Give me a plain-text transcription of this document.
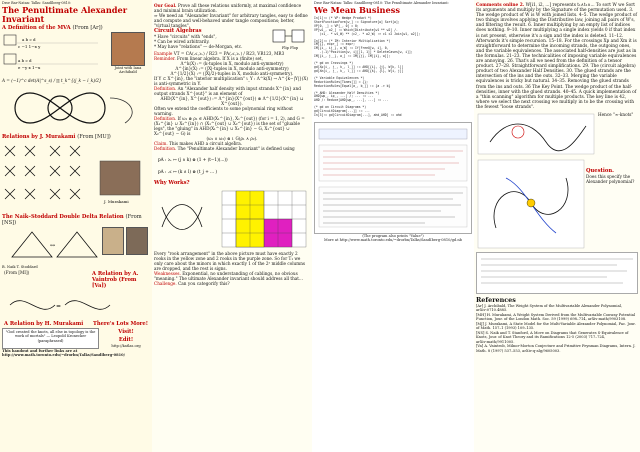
Dror Bar-Natan: Talks: SandIberg-0810:
The Penultimate Alexander Invariant
A Definition of the MVA (From [Ar])
a b c d
c −1 1−x y
a b c d
e −y x 1−x	Joint with Iana Archibald
A = (−1)^c det(A|^s_s) / ∏ t_k^{(j_k − i_k)/2}
Relations by J. Murakami (From [MU])
J. Murakami
The Naik–Stoddard Double Delta Relation (From [NS])
↔
B. Naik T. Stoddard
(From [MI])	A Relation by A. Vaintrob (From [Va])
=
A Relation by H. Murakami	There's Lots More!
"God created the knots, all else in topology is the work of mortals" — Leopold Kronecker (paraphrased)
Visit!
Edit!
http://katlas.org
This handout and further links are at http://www.math.toronto.edu/~drorbn/Talks/SandIberg-0810/
Our Goal. Prove all these relations uniformly, at maximal confidence and minimal brain utilization.
⇒ We need an "Alexander Invariant" for arbitrary tangles, easy to define and compute and well-behaved under tangle compositions; better, "virtual tangles".
Circuit Algebras
* Have "circuits" with "ends",
* Can be wired arbitrarily.
* May have "relations" — de-Morgan, etc.	Flip Flop
Example VT = CA⟨⋌,⋋⟩ / R23 = PA⟨⋌,⋋⟩ / R23, VR123, MR3
Reminder. From linear algebra. If X is a (finite) set,
Λ^k(X) := (k-tuples in X, modulo anti-symmetry)
Λ^{in}(X) := (|X|-tuples in X, modulo anti-symmetry)
Λ^{1/2}(X) := (|X|/2)-tuples in X, modulo anti-symmetry).
If Y ⊂ X^{in}, the "interior multiplication" ι_Y : Λ^k(X) → Λ^{k−|Y|}(X) is anti-symmetric in Y.
Definition. An "Alexander half density with input strands X^{in} and output strands X^{out}" is an element of
AHD(X^{in}, X^{out}) := Λ^{in}(X^{out}) ⊗ Λ^{1/2}(X^{in} ⊔ X^{out}).
Often we extend the coefficients to some polynomial ring without warning.
Definition. If ω₁ ⊗ ρ₁ ∈ AHD(X₁^{in}, X₁^{out}) (for i = 1, 2), and G = (X₁^{in} ∪ X₂^{in}) ∩ (X₁^{out} ∪ X₂^{out}) is the set of "gluable legs", the "gluing" in AHD(X₁^{in} ∪ X₂^{in} − G, X₁^{out} ∪ X₂^{out} − G) is
(ω₁ ∧ ω₂) ⊗ ι_G(ρ₁ ∧ ρ₂).
Claim. This makes AHD a circuit algebra.
Definition. The "Penultimate Alexander Invariant" is defined using
pA : ⋋ ↦ (j ∧ k) ⊗ (1 + (t−1)(...))
pA : ⋌ ↦ (k ∧ l) ⊗ (t_j + ... )
Why Works?
Every "rook arrangement" in the above picture must have exactly 2 rooks in the yellow zone and 2 rooks in the purple zone. So for T₁ we only care about the minors in which exactly 1 of the 2² middle columns are dropped, and the rest is signs.
Weaknesses. Exponential, no understanding of cablings, no obvious "meaning." The ultimate Alexander invariant should address all that...
Challenge. Can you categorify this?
Dror Bar-Natan: Talks: SandIberg-0810: The Penultimate Alexander Invariant:
We Mean Business
In[1]:= (* VP: Wedge Product *)
ShortFunctionForm[w_] := Signature[w] Sort[w];
VP[0, _] = VP[_, 0] = 0;
VP[w1_, w2_] := Which[Distribute[w1 ** w2] /.
(c1_. * w1_W) ** (c2_. * w2_W) :> c1 c2 Join[w1, w2]];
In[2]:= (* IM: Interior Multiplication *)
IM[{}, expr_] := expr;
IM[{i_, ij_}, w_W] := If[FreeQ[w, i], 0,
-(-1)^Position[w, i][[1, 1]] * DeleteCases[w, i]];
IM[{i_, j__}, w_] := IM[{j}, IM[{i}, w]];
(* gd on Crossings *)
gd[Xp[i_, j_, k_, l_]] := AHD[{i}, {j}, W[k, l]]
gd[Xm[i_, j_, k_, l_]] := AHD[{k}, {l}, W[i, j]]
(* Variable Equivalences *)
ReductionRules[Times[]] = {};
ReductionRules[Equal[a_, b_]] := {a -> b}
(* AHD: Alexander Half Densities *)
AHD[ωp_, ip_, ...] /; ... := ...
AHD /: Reduce[AHD[ωp_, ...], ...] := ...
(* gd on Circuit Diagrams *)
gd[CircuitDiagram[...]] := ...
In[3]:= gd[CircuitDiagram[...], ahd_AHD] := ahd
(The program also prints "Value")
More at http://www.math.toronto.edu/~drorbn/Talks/SandIberg-0810/gd.nb
Comments online 2. W[i1, i2, ...] represents t₁∧t₂∧... To sort W we Sort its arguments and multiply by the Signature of the permutation used. 3. The wedge product of W is W with joined lists. 4–5. The wedge product of two things involves applying the Distributive law, joining all pairs of W's, and filtering the result. 6. Inner multiplying by an empty list of indices does nothing. 9–10. Inner multiplying a single index yields 0 if that index is not present, otherwise it's a sign and the index is deleted. 11–12. Afterwards it's simple recursion. 15–18. For the crossings Xp and Xm it is straightforward to determine the incoming strands, the outgoing ones, and the variable equivalences. The associated half-densities are just as in the formulas. 21–23. The technicalities of imposing variable equivalences are annoying. 26. That's all we need from the definition of a tensor product. 27–28. Straightforward simplifications. 29. The (circuit algebra) product of two Alexander Half Densities. 30. The glued strands are the intersection of the ins and the outs. 32–33. Merging the variable equivalences is tricky but natural. 34–35. Removing the glued strands from the ins and outs. 36 The Key Point. The wedge product of the half-densities, inner with the glued strands. 40–45. A quick implementation of a "thin scanning" algorithm for multiple products. The key line is 42, where we select the next crossing we multiply in to be the crossing with the fewest "loose strands".
Hence "≈-knots"
Question.
Does this specify the Alexander polynomial?
References
[Ar] J. Archibald, The Weight System of the Multivariable Alexander Polynomial, arXiv:0710.4885.
[MH] H. Murakami, A Weight System Derived from the Multivariable Conway Potential Function, Jour. of the London Math. Soc. 59 (1999) 698–714, arXiv:math/9903108.
[MJ] J. Murakami, A State Model for the Multi-Variable Alexander Polynomial, Pac. Jour. of Math. 157–1 (1993) 109–135.
[NS] S. Naik and T. Stanford, A Move on Diagrams that Generates S-Equivalence of Knots, Jour. of Knot Theory and its Ramifications 12-5 (2003) 717–724, arXiv:math/9911005.
[Va] A. Vaintrob, Milnor-Morton Conjecture and Primitive Feynman Diagrams, Intern. J. Math. 8 (1997) 537–553, arXiv:q-alg/9605003.
